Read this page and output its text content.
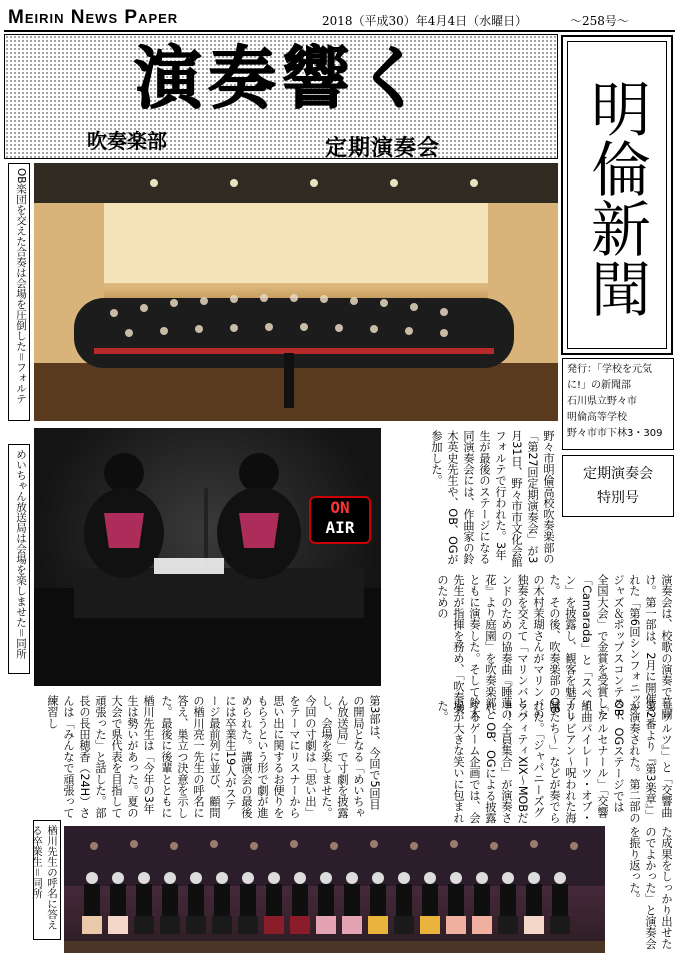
Meirin News Paper	2018（平成30）年4月4日（水曜日）	～258号～
演奏響く
吹奏楽部	定期演奏会 明倫新聞
発行：「学校を元気
に!」の新聞部
石川県立野々市
明倫高等学校
野々市市下林3・309
定期演奏会
特別号
ON
AIR
OB楽団を交えた合奏は会場を圧倒した＝フォルテ
めいちゃん放送局は会場を楽しませた＝同所
楢川先生の呼名に答える卒業生＝同所
野々市明倫高校吹奏楽部の「第27回定期演奏会」が3月31日、野々市市文化会館フォルテで行われた。3年生が最後のステージになる同演奏会には、作曲家の鈴木英史先生や、OB、OGが参加した。
演奏会は、校歌の演奏で幕開け。第一部は、2月に開催された「第6回シンフォニックジャズ＆ポップスコンテスト全国大会」で金賞を受賞した「Camarada」と「スペイン」を披露し、観客を魅了した。その後、吹奏楽部のOBの木村茉瑚さんがマリンバの独奏を交えて「マリンバとバンドのための協奏曲『睡蓮の花』より庭園」を吹奏楽部とともに演奏した。そして鈴木先生が指揮を務め、「吹奏楽のための
『ワルツ』」と「交響曲第2番より『第3楽章』」が演奏された。第二部のOB、OGステージでは「アルセナール」「交響組曲パイレーツ・オブ・カリビアン～呪われた海賊たち～」などが奏でられた。「ジャパニーズグラフィティXIX～MOBだョ！全員集合」が演奏され、OB、OGによる披露するゲーム企画では、会場が大きな笑いに包まれた。
第3部は、今回で5回目の開局となる「めいちゃん放送局」で寸劇を披露し、会場を楽しませた。今回の寸劇は「思い出」をテーマにリスナーから思い出に関するお便りをもらうという形で劇が進められた。講演会の最後には卒業生19人がステージ最前列に並び、顧問の楢川亮一先生の呼名に答え、巣立つ決意を示した。最後に後輩とともに
楢川先生は「今年の3年生は勢いがあった。夏の大会で県代表を目指して頑張った」と話した。部長の長田穂香（24H）さんは「みんなで頑張って練習し
た成果をしっかり出せたのでよかった」と演奏会を振り返った。
